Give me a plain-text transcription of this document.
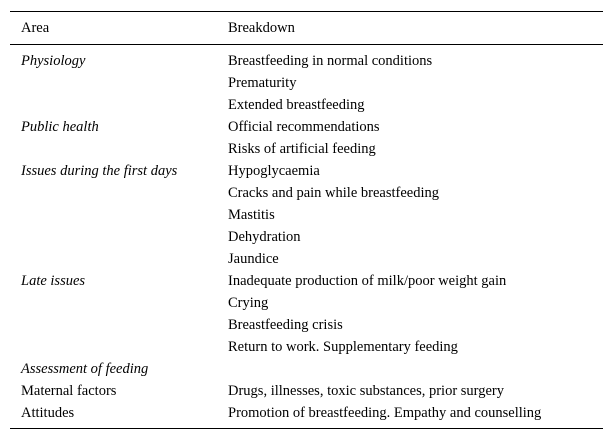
Area	Breakdown

Physiology	Breastfeeding in normal conditions
	Prematurity
	Extended breastfeeding
Public health	Official recommendations
	Risks of artificial feeding
Issues during the first days	Hypoglycaemia
	Cracks and pain while breastfeeding
	Mastitis
	Dehydration
	Jaundice
Late issues	Inadequate production of milk/poor weight gain
	Crying
	Breastfeeding crisis
	Return to work. Supplementary feeding
Assessment of feeding	
Maternal factors	Drugs, illnesses, toxic substances, prior surgery
Attitudes	Promotion of breastfeeding. Empathy and counselling
